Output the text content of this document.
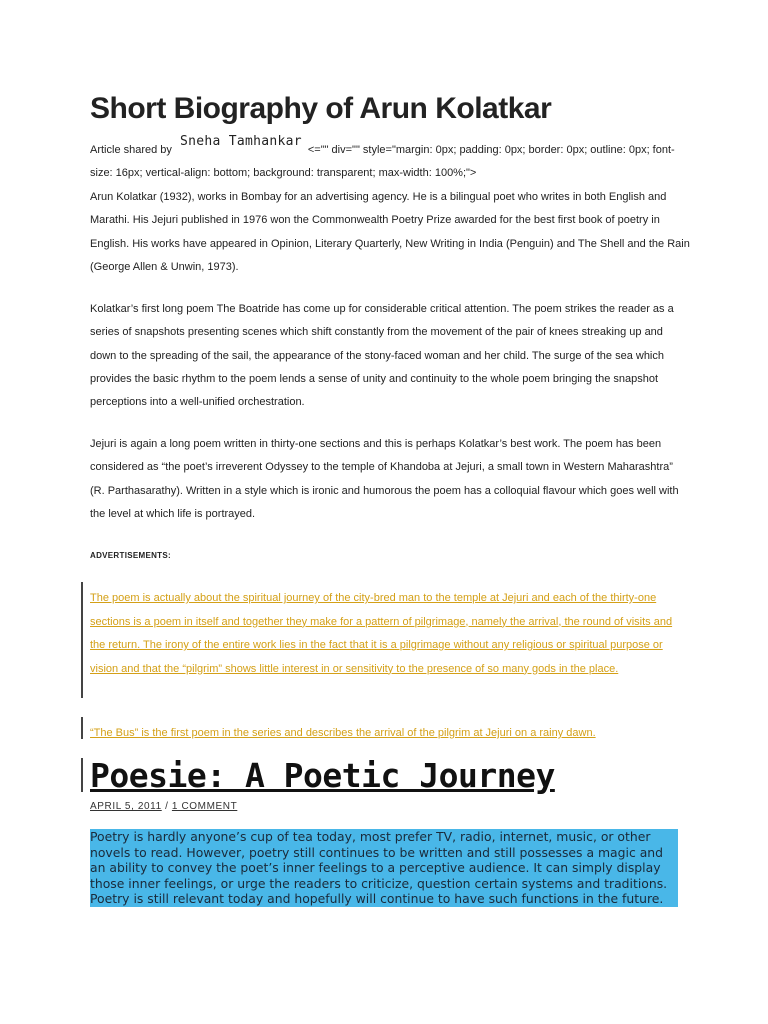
Short Biography of Arun Kolatkar
Article shared bySneha Tamhankar<="" div="" style="margin: 0px; padding: 0px; border: 0px; outline: 0px; font-size: 16px; vertical-align: bottom; background: transparent; max-width: 100%;">

Arun Kolatkar (1932), works in Bombay for an advertising agency. He is a bilingual poet who writes in both English and Marathi. His Jejuri published in 1976 won the Commonwealth Poetry Prize awarded for the best first book of poetry in English. His works have appeared in Opinion, Literary Quarterly, New Writing in India (Penguin) and The Shell and the Rain (George Allen & Unwin, 1973).

Kolatkar’s first long poem The Boatride has come up for considerable critical attention. The poem strikes the reader as a series of snapshots presenting scenes which shift constantly from the movement of the pair of knees streaking up and down to the spreading of the sail, the appearance of the stony-faced woman and her child. The surge of the sea which provides the basic rhythm to the poem lends a sense of unity and continuity to the whole poem bringing the snapshot perceptions into a well-unified orchestration.

Jejuri is again a long poem written in thirty-one sections and this is perhaps Kolatkar’s best work. The poem has been considered as “the poet’s irreverent Odyssey to the temple of Khandoba at Jejuri, a small town in Western Maharashtra” (R. Parthasarathy). Written in a style which is ironic and humorous the poem has a colloquial flavour which goes well with the level at which life is portrayed.

ADVERTISEMENTS:

The poem is actually about the spiritual journey of the city-bred man to the temple at Jejuri and each of the thirty-one sections is a poem in itself and together they make for a pattern of pilgrimage, namely the arrival, the round of visits and the return. The irony of the entire work lies in the fact that it is a pilgrimage without any religious or spiritual purpose or vision and that the “pilgrim” shows little interest in or sensitivity to the presence of so many gods in the place.

“The Bus” is the first poem in the series and describes the arrival of the pilgrim at Jejuri on a rainy dawn.

Poesie: A Poetic Journey
APRIL 5, 2011 / 1 COMMENT

Poetry is hardly anyone’s cup of tea today, most prefer TV, radio, internet, music, or other novels to read. However, poetry still continues to be written and still possesses a magic and an ability to convey the poet’s inner feelings to a perceptive audience. It can simply display those inner feelings, or urge the readers to criticize, question certain systems and traditions. Poetry is still relevant today and hopefully will continue to have such functions in the future.
